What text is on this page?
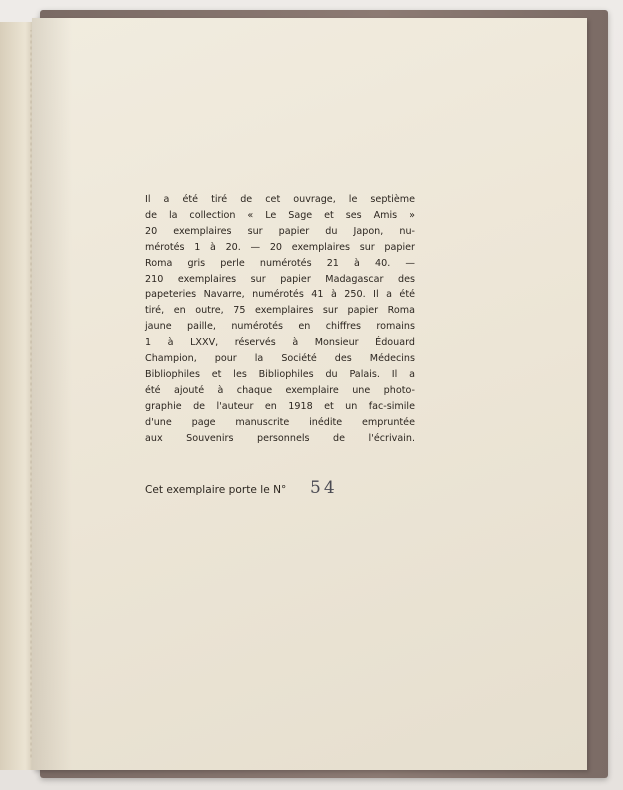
Il a été tiré de cet ouvrage, le septième
de la collection « Le Sage et ses Amis »
20 exemplaires sur papier du Japon, nu-
mérotés 1 à 20. — 20 exemplaires sur papier
Roma gris perle numérotés 21 à 40. —
210 exemplaires sur papier Madagascar des
papeteries Navarre, numérotés 41 à 250. Il a été
tiré, en outre, 75 exemplaires sur papier Roma
jaune paille, numérotés en chiffres romains
1 à LXXV, réservés à Monsieur Édouard
Champion, pour la Société des Médecins
Bibliophiles et les Bibliophiles du Palais. Il a
été ajouté à chaque exemplaire une photo-
graphie de l'auteur en 1918 et un fac-simile
d'une page manuscrite inédite empruntée
aux Souvenirs personnels de l'écrivain.
Cet exemplaire porte le N° 54
